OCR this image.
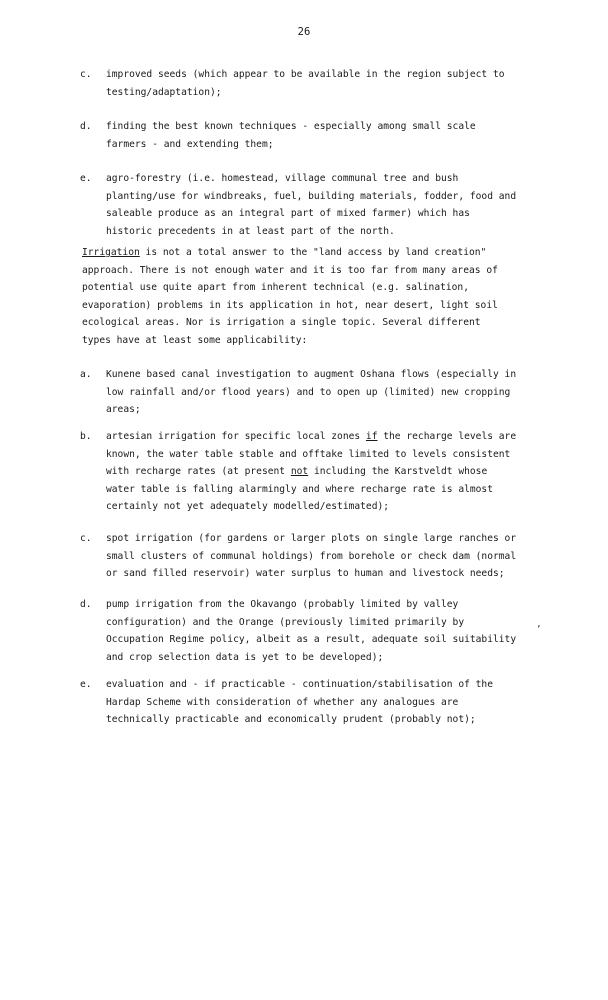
26
c.	improved seeds (which appear to be available in the region subject to
testing/adaptation);
d.	finding the best known techniques - especially among small scale
farmers - and extending them;
e.	agro-forestry (i.e. homestead, village communal tree and bush
planting/use for windbreaks, fuel, building materials, fodder, food and
saleable produce as an integral part of mixed farmer) which has
historic precedents in at least part of the north.
Irrigation is not a total answer to the "land access by land creation"
approach. There is not enough water and it is too far from many areas of
potential use quite apart from inherent technical (e.g. salination,
evaporation) problems in its application in hot, near desert, light soil
ecological areas. Nor is irrigation a single topic. Several different
types have at least some applicability:
a.	Kunene based canal investigation to augment Oshana flows (especially in
low rainfall and/or flood years) and to open up (limited) new cropping
areas;
b.	artesian irrigation for specific local zones if the recharge levels are
known, the water table stable and offtake limited to levels consistent
with recharge rates (at present not including the Karstveldt whose
water table is falling alarmingly and where recharge rate is almost
certainly not yet adequately modelled/estimated);
c.	spot irrigation (for gardens or larger plots on single large ranches or
small clusters of communal holdings) from borehole or check dam (normal
or sand filled reservoir) water surplus to human and livestock needs;
d.	pump irrigation from the Okavango (probably limited by valley
configuration) and the Orange (previously limited primarily by
Occupation Regime policy, albeit as a result, adequate soil suitability
and crop selection data is yet to be developed);
e.	evaluation and - if practicable - continuation/stabilisation of the
Hardap Scheme with consideration of whether any analogues are
technically practicable and economically prudent (probably not);
’
